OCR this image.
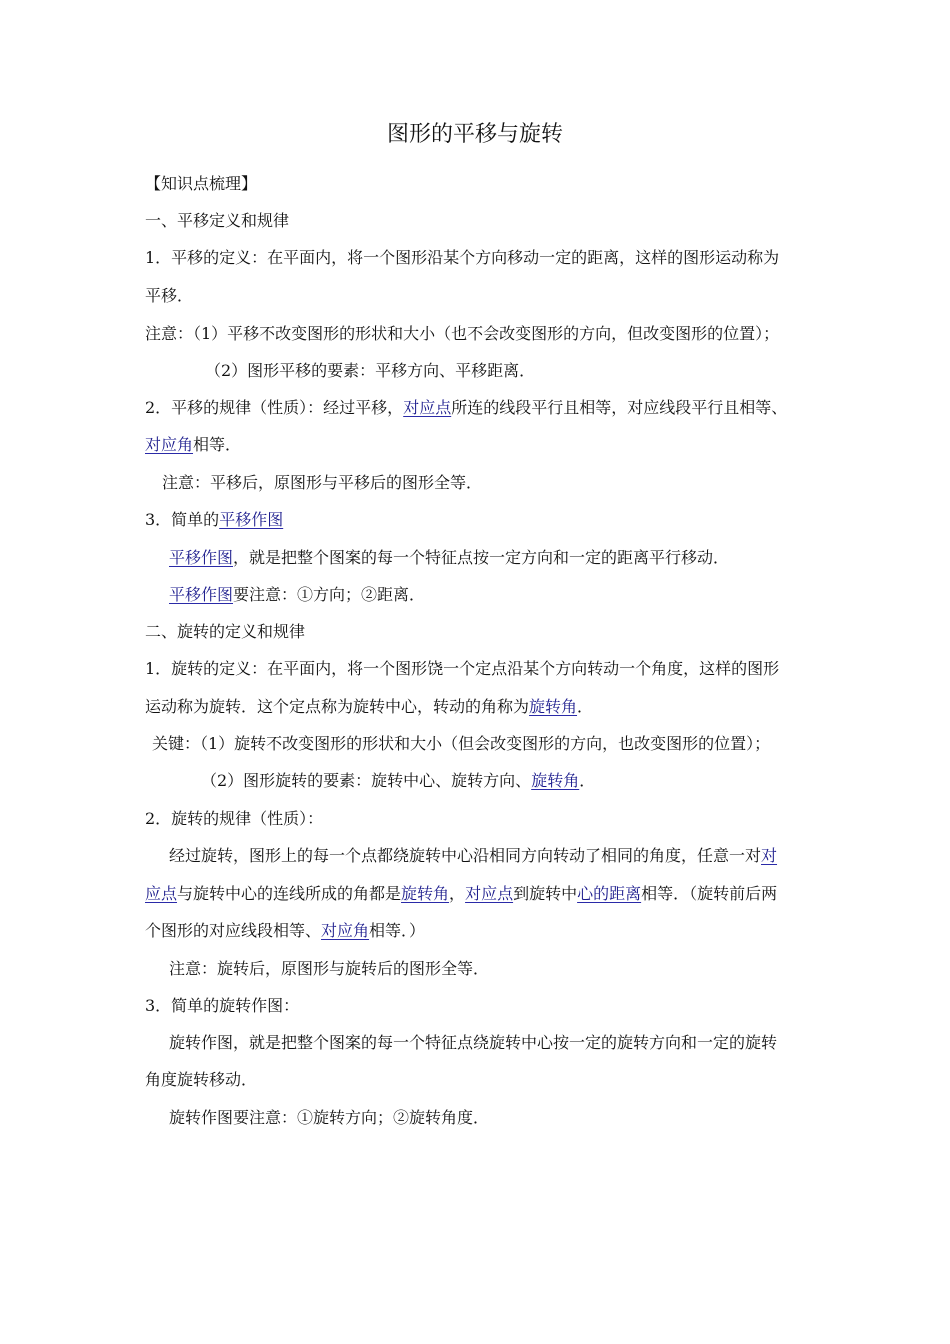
图形的平移与旋转
【知识点梳理】
一、平移定义和规律
1．平移的定义：在平面内，将一个图形沿某个方向移动一定的距离，这样的图形运动称为
平移．
注意：（1）平移不改变图形的形状和大小（也不会改变图形的方向，但改变图形的位置）；
（2）图形平移的要素：平移方向、平移距离．
2．平移的规律（性质）：经过平移，对应点所连的线段平行且相等，对应线段平行且相等、
对应角相等．
注意：平移后，原图形与平移后的图形全等．
3．简单的平移作图
平移作图，就是把整个图案的每一个特征点按一定方向和一定的距离平行移动．
平移作图要注意：①方向；②距离．
二、旋转的定义和规律
1．旋转的定义：在平面内，将一个图形饶一个定点沿某个方向转动一个角度，这样的图形
运动称为旋转．这个定点称为旋转中心，转动的角称为旋转角．
关键：（1）旋转不改变图形的形状和大小（但会改变图形的方向，也改变图形的位置）；
（2）图形旋转的要素：旋转中心、旋转方向、旋转角．
2．旋转的规律（性质）：
经过旋转，图形上的每一个点都绕旋转中心沿相同方向转动了相同的角度，任意一对对
应点与旋转中心的连线所成的角都是旋转角，对应点到旋转中心的距离相等．（旋转前后两
个图形的对应线段相等、对应角相等．）
注意：旋转后，原图形与旋转后的图形全等．
3．简单的旋转作图：
旋转作图，就是把整个图案的每一个特征点绕旋转中心按一定的旋转方向和一定的旋转
角度旋转移动．
旋转作图要注意：①旋转方向；②旋转角度．
